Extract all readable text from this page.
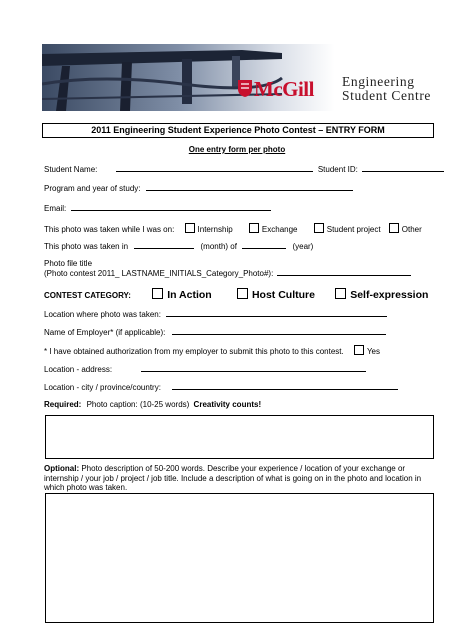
McGill Engineering
Student Centre
2011 Engineering Student Experience Photo Contest – ENTRY FORM
One entry form per photo
Student Name:	Student ID:
Program and year of study:
Email:
This photo was taken while I was on:	Internship	Exchange	Student project	Other
This photo was taken in	(month) of	(year)
Photo file title
(Photo contest 2011_ LASTNAME_INITIALS_Category_Photo#):
CONTEST CATEGORY:	In Action	Host Culture	Self-expression
Location where photo was taken:
Name of Employer* (if applicable):
* I have obtained authorization from my employer to submit this photo to this contest.	Yes
Location - address:
Location - city / province/country:
Required: Photo caption: (10-25 words) Creativity counts!
Optional: Photo description of 50-200 words. Describe your experience / location of your exchange or internship / your job / project / job title. Include a description of what is going on in the photo and location in which photo was taken.
